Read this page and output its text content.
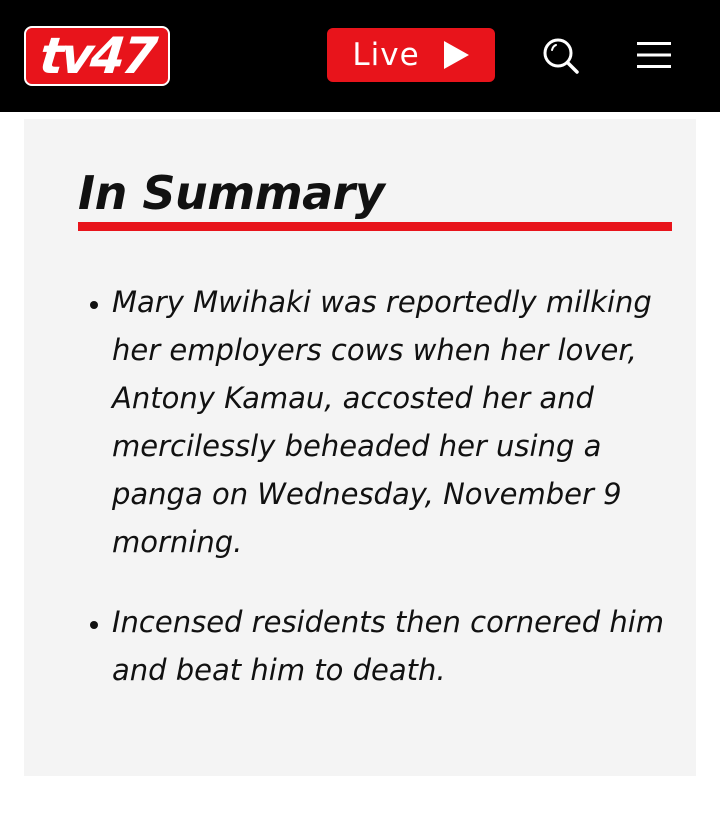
tv47	Live
In Summary
• Mary Mwihaki was reportedly milking her employers cows when her lover, Antony Kamau, accosted her and mercilessly beheaded her using a panga on Wednesday, November 9 morning.
• Incensed residents then cornered him and beat him to death.
